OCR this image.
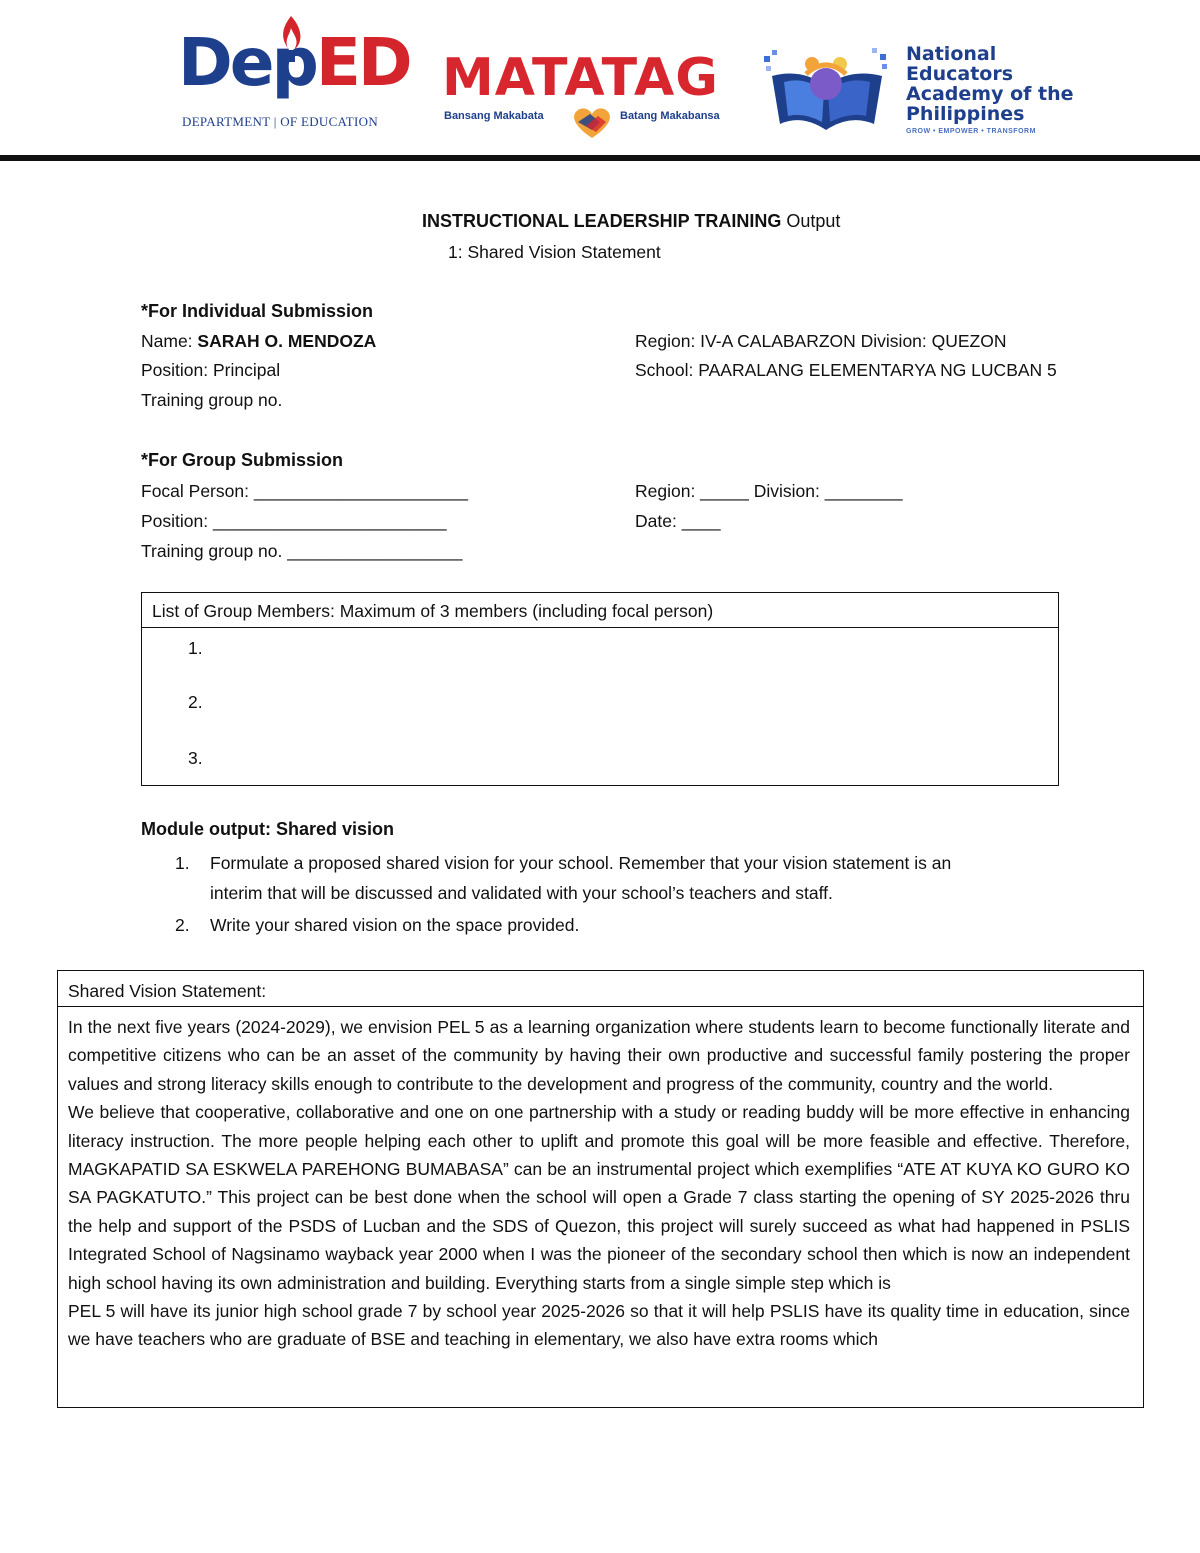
DepED
DEPARTMENT | OF EDUCATION
MATATAG
Bansang Makabata	Batang Makabansa
National
Educators
Academy of the
Philippines
GROW • EMPOWER • TRANSFORM
INSTRUCTIONAL LEADERSHIP TRAINING Output
1: Shared Vision Statement
*For Individual Submission
Name: SARAH O. MENDOZA
Position: Principal
Training group no.
Region: IV-A CALABARZON Division: QUEZON
School: PAARALANG ELEMENTARYA NG LUCBAN 5
*For Group Submission
Focal Person: ______________________
Position: ________________________
Training group no. __________________
Region: _____ Division: ________
Date: ____
List of Group Members: Maximum of 3 members (including focal person)
1.
2.
3.
Module output: Shared vision
1. Formulate a proposed shared vision for your school. Remember that your vision statement is an
interim that will be discussed and validated with your school’s teachers and staff.
2. Write your shared vision on the space provided.
Shared Vision Statement:

In the next five years (2024-2029), we envision PEL 5 as a learning organization where students learn to become functionally literate and competitive citizens who can be an asset of the community by having their own productive and successful family postering the proper values and strong literacy skills enough to contribute to the development and progress of the community, country and the world.

We believe that cooperative, collaborative and one on one partnership with a study or reading buddy will be more effective in enhancing literacy instruction. The more people helping each other to uplift and promote this goal will be more feasible and effective. Therefore, MAGKAPATID SA ESKWELA PAREHONG BUMABASA” can be an instrumental project which exemplifies “ATE AT KUYA KO GURO KO SA PAGKATUTO.” This project can be best done when the school will open a Grade 7 class starting the opening of SY 2025-2026 thru the help and support of the PSDS of Lucban and the SDS of Quezon, this project will surely succeed as what had happened in PSLIS Integrated School of Nagsinamo wayback year 2000 when I was the pioneer of the secondary school then which is now an independent high school having its own administration and building. Everything starts from a single simple step which is

PEL 5 will have its junior high school grade 7 by school year 2025-2026 so that it will help PSLIS have its quality time in education, since we have teachers who are graduate of BSE and teaching in elementary, we also have extra rooms which
